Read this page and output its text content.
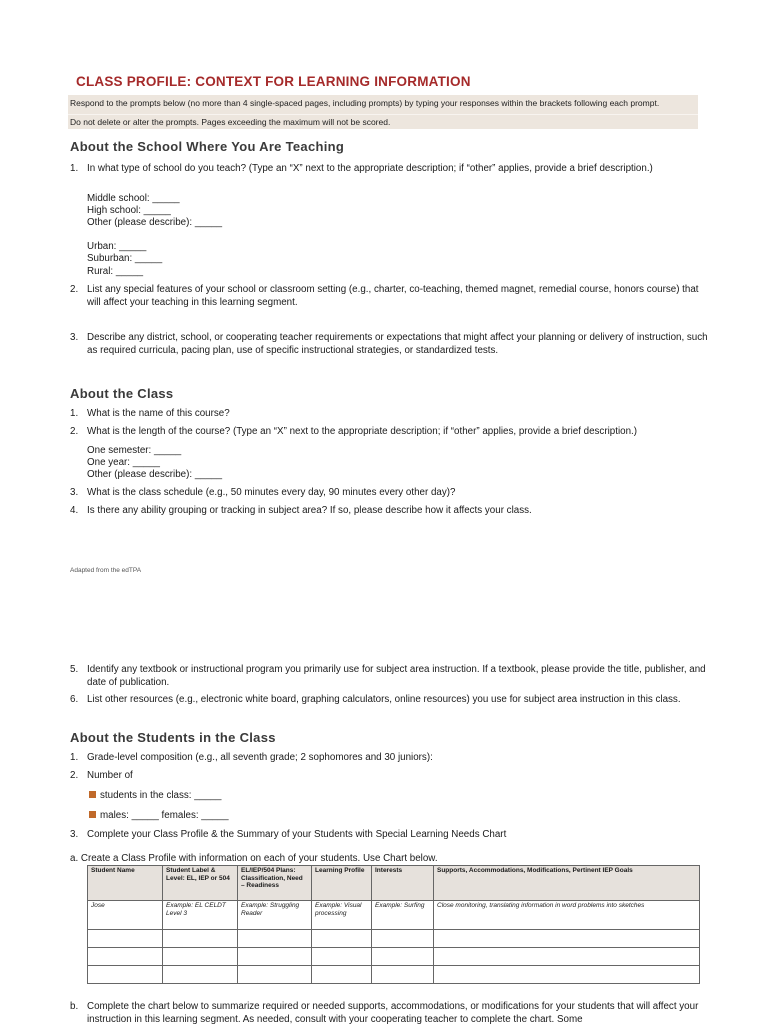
CLASS PROFILE: CONTEXT FOR LEARNING INFORMATION
Respond to the prompts below (no more than 4 single-spaced pages, including prompts) by typing your responses within the brackets following each prompt.
Do not delete or alter the prompts. Pages exceeding the maximum will not be scored.
About the School Where You Are Teaching
1. In what type of school do you teach? (Type an “X” next to the appropriate description; if “other” applies, provide a brief description.)
Middle school: _____
High school: _____
Other (please describe): _____
Urban: _____
Suburban: _____
Rural: _____
2. List any special features of your school or classroom setting (e.g., charter, co-teaching, themed magnet, remedial course, honors course) that will affect your teaching in this learning segment.
3. Describe any district, school, or cooperating teacher requirements or expectations that might affect your planning or delivery of instruction, such as required curricula, pacing plan, use of specific instructional strategies, or standardized tests.
About the Class
1. What is the name of this course?
2. What is the length of the course? (Type an “X” next to the appropriate description; if “other” applies, provide a brief description.)
One semester: _____
One year: _____
Other (please describe): _____
3. What is the class schedule (e.g., 50 minutes every day, 90 minutes every other day)?
4. Is there any ability grouping or tracking in subject area? If so, please describe how it affects your class.
Adapted from the edTPA
5. Identify any textbook or instructional program you primarily use for subject area instruction. If a textbook, please provide the title, publisher, and date of publication.
6. List other resources (e.g., electronic white board, graphing calculators, online resources) you use for subject area instruction in this class.
About the Students in the Class
1. Grade-level composition (e.g., all seventh grade; 2 sophomores and 30 juniors):
2. Number of
students in the class: _____
males: _____ females: _____
3. Complete your Class Profile & the Summary of your Students with Special Learning Needs Chart
a. Create a Class Profile with information on each of your students. Use Chart below.
Student Name	Student Label & Level: EL, IEP or 504	EL/IEP/504 Plans: Classification, Need – Readiness	Learning Profile	Interests	Supports, Accommodations, Modifications, Pertinent IEP Goals
Jose	Example: EL CELDT Level 3	Example: Struggling Reader	Example: Visual processing	Example: Surfing	Close monitoring, translating information in word problems into sketches

b. Complete the chart below to summarize required or needed supports, accommodations, or modifications for your students that will affect your instruction in this learning segment. As needed, consult with your cooperating teacher to complete the chart. Some
